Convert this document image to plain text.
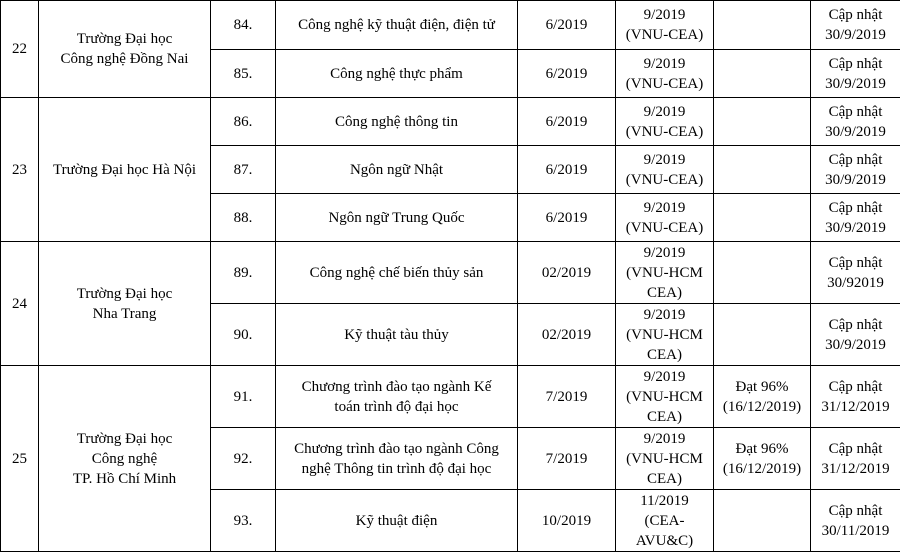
22	Trường Đại học
Công nghệ Đồng Nai	84.	Công nghệ kỹ thuật điện, điện tử	6/2019	9/2019
(VNU-CEA)		Cập nhật
30/9/2019
		85.	Công nghệ thực phẩm	6/2019	9/2019
(VNU-CEA)		Cập nhật
30/9/2019
23	Trường Đại học Hà Nội	86.	Công nghệ thông tin	6/2019	9/2019
(VNU-CEA)		Cập nhật
30/9/2019
		87.	Ngôn ngữ Nhật	6/2019	9/2019
(VNU-CEA)		Cập nhật
30/9/2019
		88.	Ngôn ngữ Trung Quốc	6/2019	9/2019
(VNU-CEA)		Cập nhật
30/9/2019
24	Trường Đại học
Nha Trang	89.	Công nghệ chế biến thủy sản	02/2019	9/2019
(VNU-HCM
CEA)		Cập nhật
30/92019
		90.	Kỹ thuật tàu thủy	02/2019	9/2019
(VNU-HCM
CEA)		Cập nhật
30/9/2019
25	Trường Đại học
Công nghệ
TP. Hồ Chí Minh	91.	Chương trình đào tạo ngành Kế
toán trình độ đại học	7/2019	9/2019
(VNU-HCM
CEA)	Đạt 96%
(16/12/2019)	Cập nhật
31/12/2019
		92.	Chương trình đào tạo ngành Công
nghệ Thông tin trình độ đại học	7/2019	9/2019
(VNU-HCM
CEA)	Đạt 96%
(16/12/2019)	Cập nhật
31/12/2019
		93.	Kỹ thuật điện	10/2019	11/2019
(CEA-
AVU&C)		Cập nhật
30/11/2019
